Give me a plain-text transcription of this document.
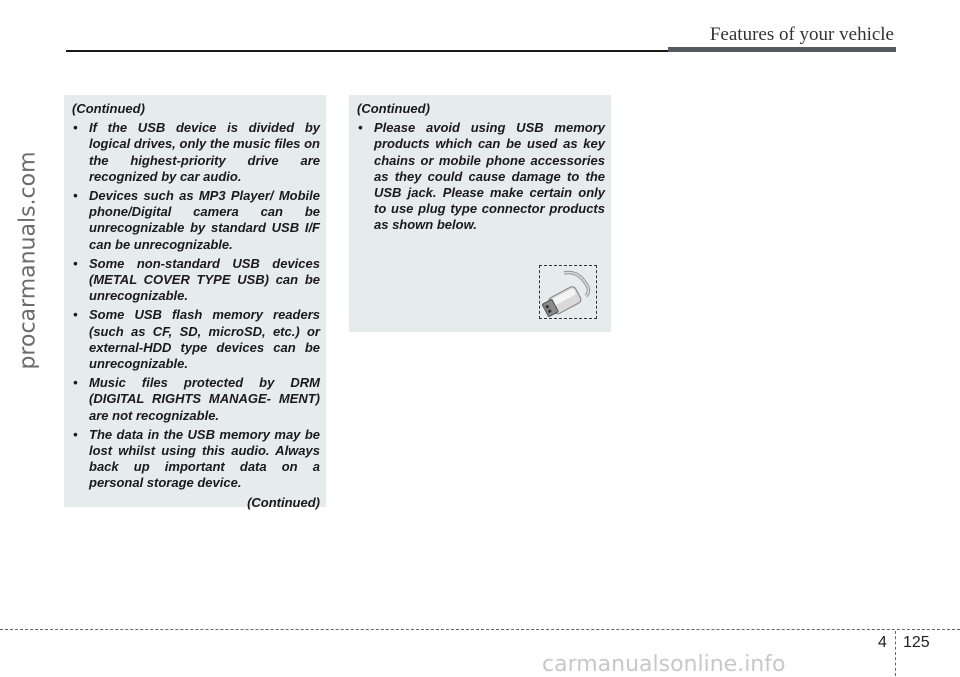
Features of your vehicle
procarmanuals.com
(Continued)
• If the USB device is divided by logical drives, only the music files on the highest-priority drive are recognized by car audio.
• Devices such as MP3 Player/ Mobile phone/Digital camera can be unrecognizable by standard USB I/F can be unrecognizable.
• Some non-standard USB devices (METAL COVER TYPE USB) can be unrecognizable.
• Some USB flash memory readers (such as CF, SD, microSD, etc.) or external-HDD type devices can be unrecognizable.
• Music files protected by DRM (DIGITAL RIGHTS MANAGE- MENT) are not recognizable.
• The data in the USB memory may be lost whilst using this audio. Always back up important data on a personal storage device.
(Continued)
(Continued)
• Please avoid using USB memory products which can be used as key chains or mobile phone accessories as they could cause damage to the USB jack. Please make certain only to use plug type connector products as shown below.
4 125
carmanualsonline.info
